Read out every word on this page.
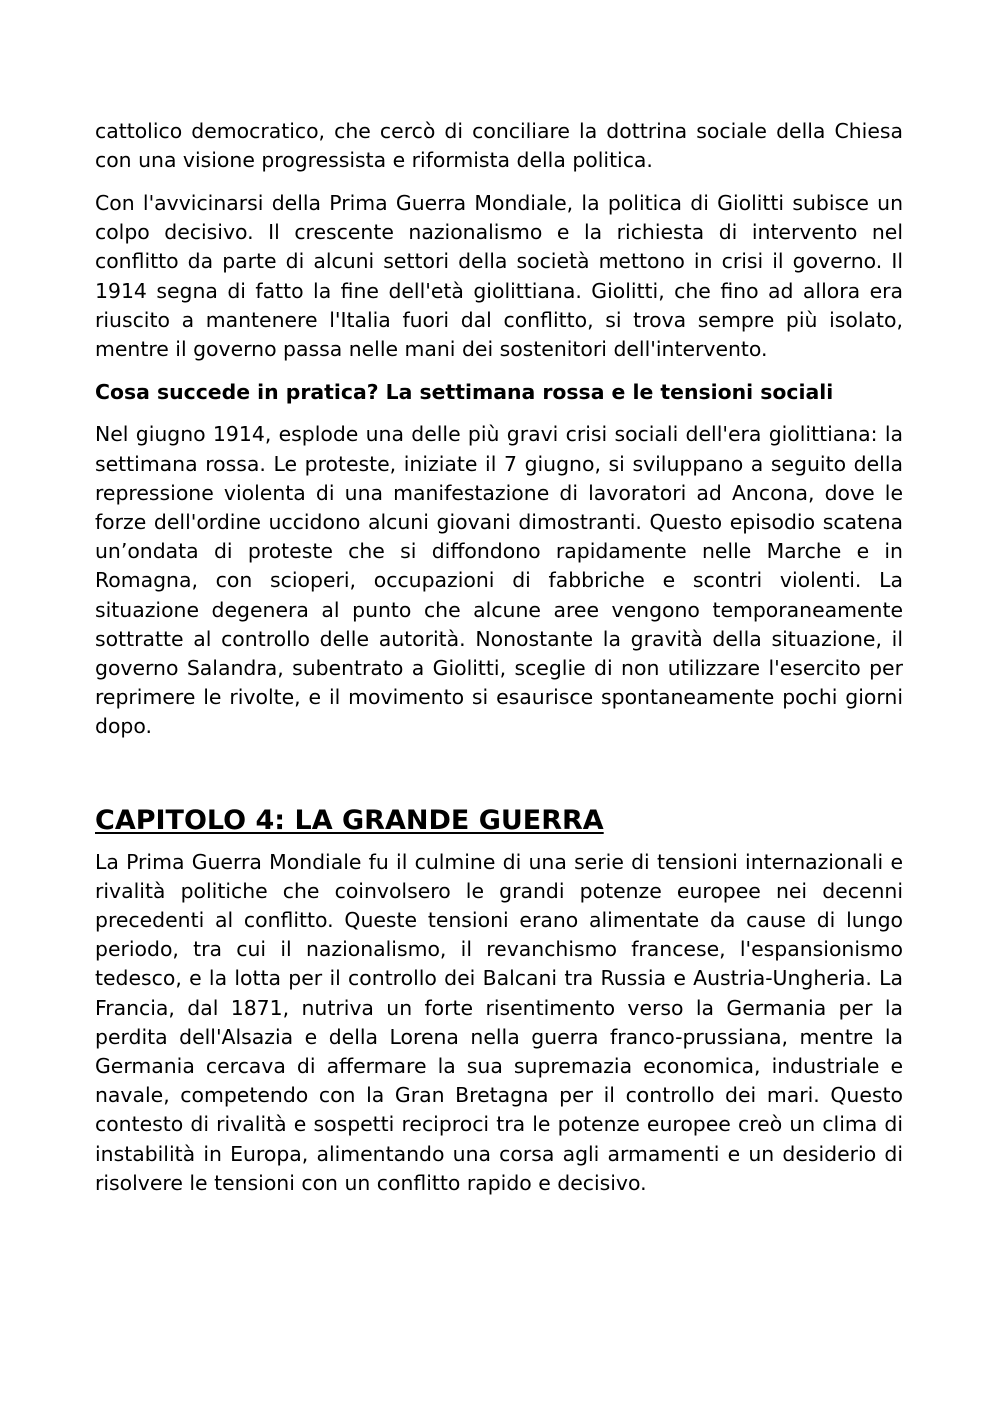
cattolico democratico, che cercò di conciliare la dottrina sociale della Chiesa con una visione progressista e riformista della politica.

Con l'avvicinarsi della Prima Guerra Mondiale, la politica di Giolitti subisce un colpo decisivo. Il crescente nazionalismo e la richiesta di intervento nel conflitto da parte di alcuni settori della società mettono in crisi il governo. Il 1914 segna di fatto la fine dell'età giolittiana. Giolitti, che fino ad allora era riuscito a mantenere l'Italia fuori dal conflitto, si trova sempre più isolato, mentre il governo passa nelle mani dei sostenitori dell'intervento.

Cosa succede in pratica? La settimana rossa e le tensioni sociali

Nel giugno 1914, esplode una delle più gravi crisi sociali dell'era giolittiana: la settimana rossa. Le proteste, iniziate il 7 giugno, si sviluppano a seguito della repressione violenta di una manifestazione di lavoratori ad Ancona, dove le forze dell'ordine uccidono alcuni giovani dimostranti. Questo episodio scatena un’ondata di proteste che si diffondono rapidamente nelle Marche e in Romagna, con scioperi, occupazioni di fabbriche e scontri violenti. La situazione degenera al punto che alcune aree vengono temporaneamente sottratte al controllo delle autorità. Nonostante la gravità della situazione, il governo Salandra, subentrato a Giolitti, sceglie di non utilizzare l'esercito per reprimere le rivolte, e il movimento si esaurisce spontaneamente pochi giorni dopo.

CAPITOLO 4: LA GRANDE GUERRA

La Prima Guerra Mondiale fu il culmine di una serie di tensioni internazionali e rivalità politiche che coinvolsero le grandi potenze europee nei decenni precedenti al conflitto. Queste tensioni erano alimentate da cause di lungo periodo, tra cui il nazionalismo, il revanchismo francese, l'espansionismo tedesco, e la lotta per il controllo dei Balcani tra Russia e Austria-Ungheria. La Francia, dal 1871, nutriva un forte risentimento verso la Germania per la perdita dell'Alsazia e della Lorena nella guerra franco-prussiana, mentre la Germania cercava di affermare la sua supremazia economica, industriale e navale, competendo con la Gran Bretagna per il controllo dei mari. Questo contesto di rivalità e sospetti reciproci tra le potenze europee creò un clima di instabilità in Europa, alimentando una corsa agli armamenti e un desiderio di risolvere le tensioni con un conflitto rapido e decisivo.
